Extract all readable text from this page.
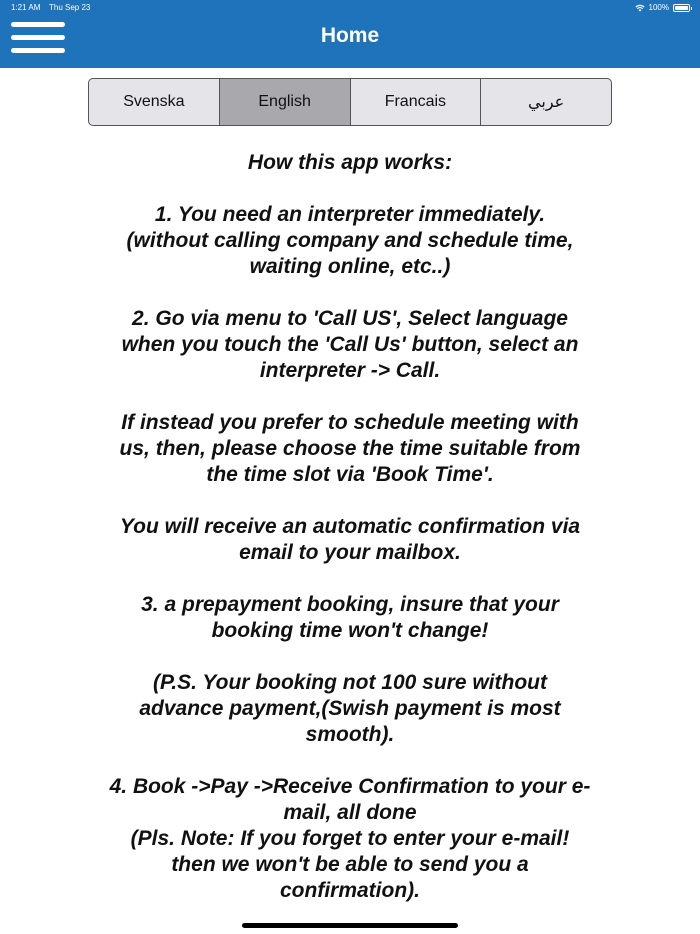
1:21 AM Thu Sep 23	100%
Home
Svenska	English	Francais	عربي
How this app works:

1. You need an interpreter immediately.
(without calling company and schedule time,
waiting online, etc..)

2. Go via menu to 'Call US', Select language
when you touch the 'Call Us' button, select an
interpreter -> Call.

If instead you prefer to schedule meeting with
us, then, please choose the time suitable from
the time slot via 'Book Time'.

You will receive an automatic confirmation via
email to your mailbox.

3. a prepayment booking, insure that your
booking time won't change!

(P.S. Your booking not 100 sure without
advance payment,(Swish payment is most
smooth).

4. Book ->Pay ->Receive Confirmation to your e-
mail, all done
(Pls. Note: If you forget to enter your e-mail!
then we won't be able to send you a
confirmation).
